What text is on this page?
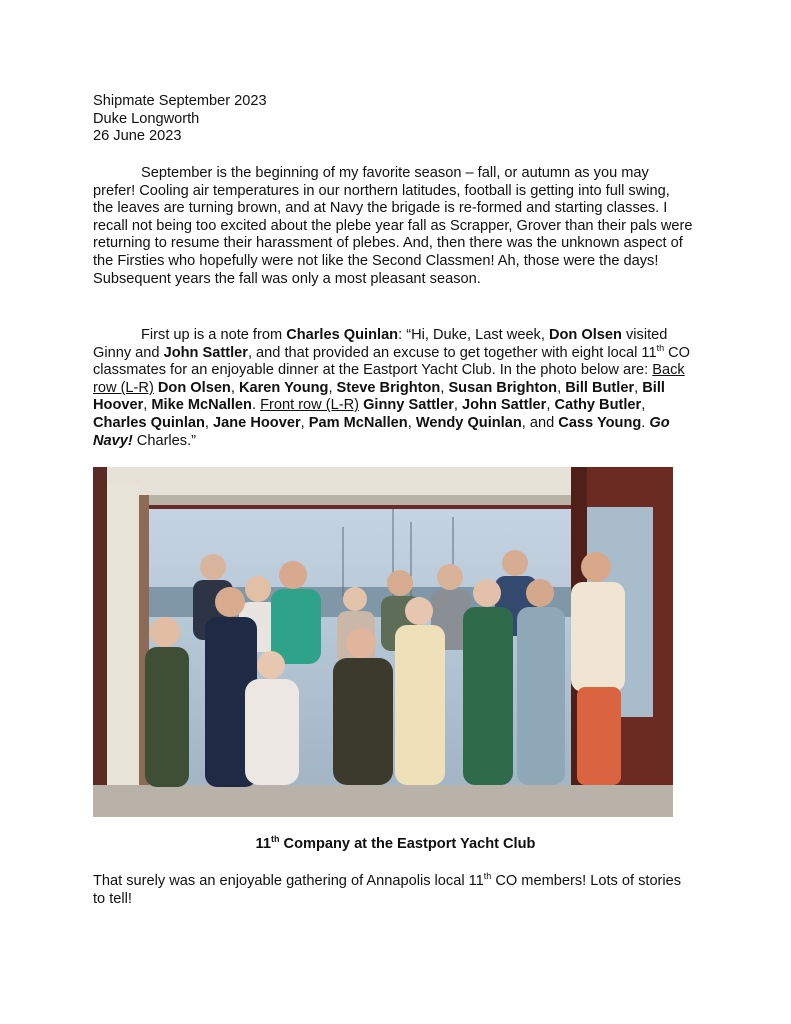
Shipmate September 2023
Duke Longworth
26 June 2023

September is the beginning of my favorite season – fall, or autumn as you may prefer! Cooling air temperatures in our northern latitudes, football is getting into full swing, the leaves are turning brown, and at Navy the brigade is re-formed and starting classes. I recall not being too excited about the plebe year fall as Scrapper, Grover than their pals were returning to resume their harassment of plebes. And, then there was the unknown aspect of the Firsties who hopefully were not like the Second Classmen! Ah, those were the days! Subsequent years the fall was only a most pleasant season.

First up is a note from Charles Quinlan: “Hi, Duke, Last week, Don Olsen visited Ginny and John Sattler, and that provided an excuse to get together with eight local 11th CO classmates for an enjoyable dinner at the Eastport Yacht Club. In the photo below are: Back row (L-R) Don Olsen, Karen Young, Steve Brighton, Susan Brighton, Bill Butler, Bill Hoover, Mike McNallen. Front row (L-R) Ginny Sattler, John Sattler, Cathy Butler, Charles Quinlan, Jane Hoover, Pam McNallen, Wendy Quinlan, and Cass Young. Go Navy! Charles.”

11th Company at the Eastport Yacht Club

That surely was an enjoyable gathering of Annapolis local 11th CO members! Lots of stories to tell!
